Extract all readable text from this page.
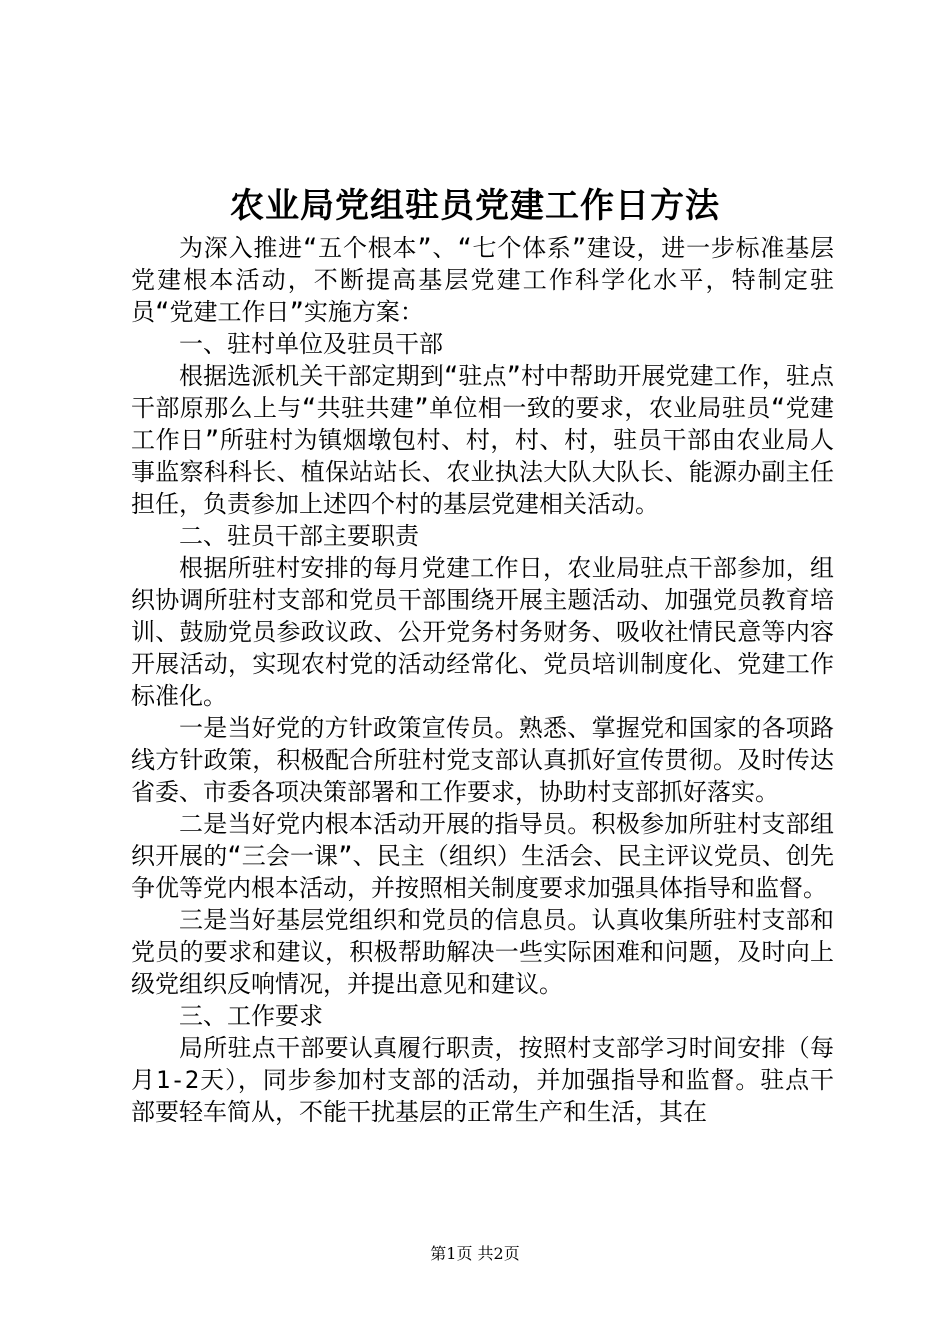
农业局党组驻员党建工作日方法

为深入推进“五个根本”、“七个体系”建设，进一步标准基层党建根本活动，不断提高基层党建工作科学化水平，特制定驻员“党建工作日”实施方案：

一、驻村单位及驻员干部

根据选派机关干部定期到“驻点”村中帮助开展党建工作，驻点干部原那么上与“共驻共建”单位相一致的要求，农业局驻员“党建工作日”所驻村为镇烟墩包村、村，村、村，驻员干部由农业局人事监察科科长、植保站站长、农业执法大队大队长、能源办副主任担任，负责参加上述四个村的基层党建相关活动。

二、驻员干部主要职责

根据所驻村安排的每月党建工作日，农业局驻点干部参加，组织协调所驻村支部和党员干部围绕开展主题活动、加强党员教育培训、鼓励党员参政议政、公开党务村务财务、吸收社情民意等内容开展活动，实现农村党的活动经常化、党员培训制度化、党建工作标准化。

一是当好党的方针政策宣传员。熟悉、掌握党和国家的各项路线方针政策，积极配合所驻村党支部认真抓好宣传贯彻。及时传达省委、市委各项决策部署和工作要求，协助村支部抓好落实。

二是当好党内根本活动开展的指导员。积极参加所驻村支部组织开展的“三会一课”、民主（组织）生活会、民主评议党员、创先争优等党内根本活动，并按照相关制度要求加强具体指导和监督。

三是当好基层党组织和党员的信息员。认真收集所驻村支部和党员的要求和建议，积极帮助解决一些实际困难和问题，及时向上级党组织反响情况，并提出意见和建议。

三、工作要求

局所驻点干部要认真履行职责，按照村支部学习时间安排（每月1-2天），同步参加村支部的活动，并加强指导和监督。驻点干部要轻车简从，不能干扰基层的正常生产和生活，其在

第1页 共2页
